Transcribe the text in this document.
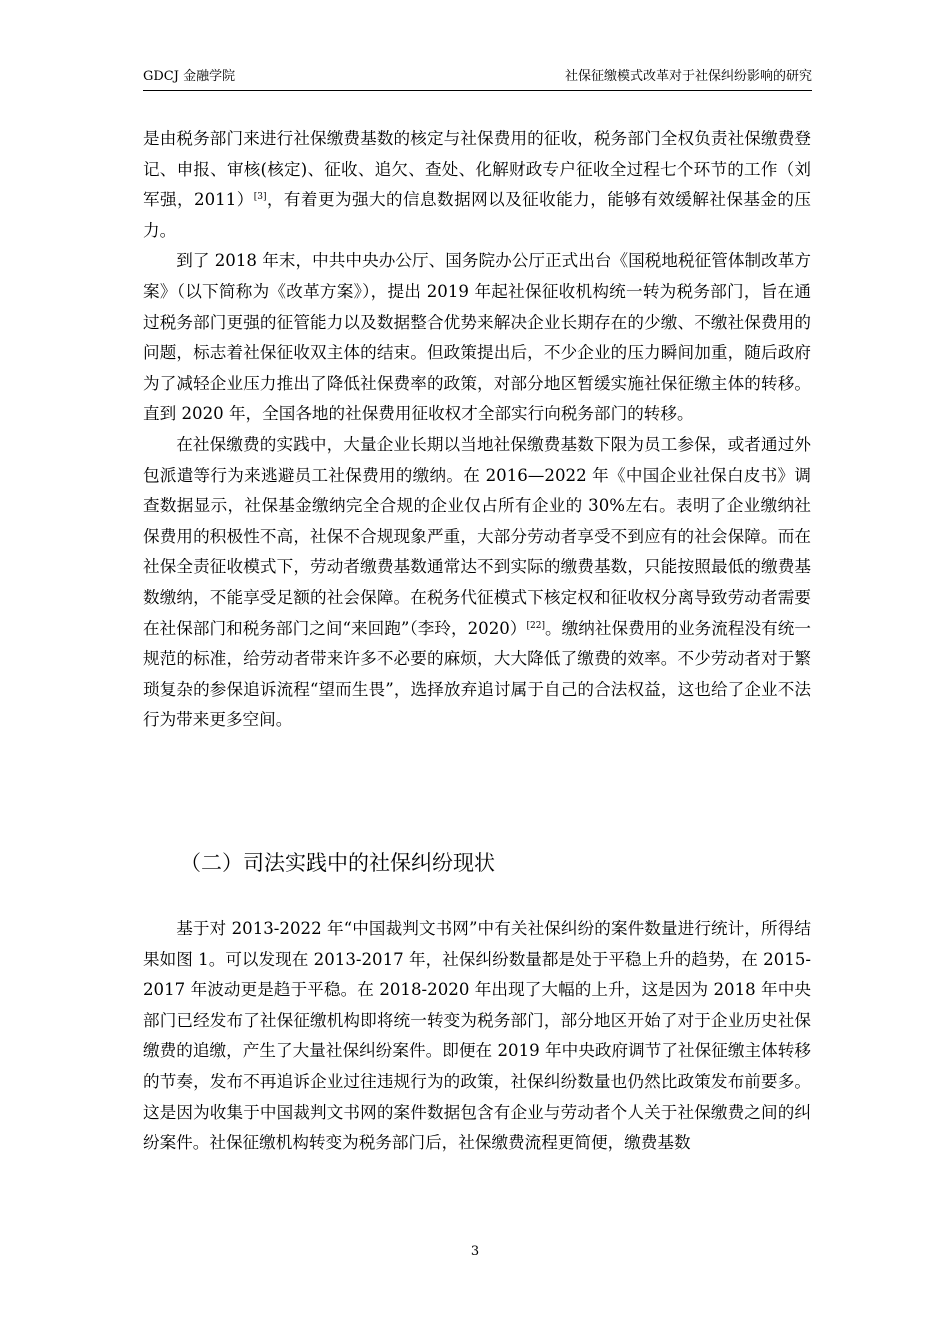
GDCJ 金融学院	社保征缴模式改革对于社保纠纷影响的研究

是由税务部门来进行社保缴费基数的核定与社保费用的征收，税务部门全权负责社保缴费登记、申报、审核(核定)、征收、追欠、查处、化解财政专户征收全过程七个环节的工作（刘军强，2011）[3]，有着更为强大的信息数据网以及征收能力，能够有效缓解社保基金的压力。

到了 2018 年末，中共中央办公厅、国务院办公厅正式出台《国税地税征管体制改革方案》（以下简称为《改革方案》），提出 2019 年起社保征收机构统一转为税务部门，旨在通过税务部门更强的征管能力以及数据整合优势来解决企业长期存在的少缴、不缴社保费用的问题，标志着社保征收双主体的结束。但政策提出后，不少企业的压力瞬间加重，随后政府为了减轻企业压力推出了降低社保费率的政策，对部分地区暂缓实施社保征缴主体的转移。直到 2020 年，全国各地的社保费用征收权才全部实行向税务部门的转移。

在社保缴费的实践中，大量企业长期以当地社保缴费基数下限为员工参保，或者通过外包派遣等行为来逃避员工社保费用的缴纳。在 2016—2022 年《中国企业社保白皮书》调查数据显示，社保基金缴纳完全合规的企业仅占所有企业的 30%左右。表明了企业缴纳社保费用的积极性不高，社保不合规现象严重，大部分劳动者享受不到应有的社会保障。而在社保全责征收模式下，劳动者缴费基数通常达不到实际的缴费基数，只能按照最低的缴费基数缴纳，不能享受足额的社会保障。在税务代征模式下核定权和征收权分离导致劳动者需要在社保部门和税务部门之间“来回跑”（李玲，2020）[22]。缴纳社保费用的业务流程没有统一规范的标准，给劳动者带来许多不必要的麻烦，大大降低了缴费的效率。不少劳动者对于繁琐复杂的参保追诉流程“望而生畏”，选择放弃追讨属于自己的合法权益，这也给了企业不法行为带来更多空间。

（二）司法实践中的社保纠纷现状

基于对 2013-2022 年“中国裁判文书网”中有关社保纠纷的案件数量进行统计，所得结果如图 1。可以发现在 2013-2017 年，社保纠纷数量都是处于平稳上升的趋势，在 2015-2017 年波动更是趋于平稳。在 2018-2020 年出现了大幅的上升，这是因为 2018 年中央部门已经发布了社保征缴机构即将统一转变为税务部门，部分地区开始了对于企业历史社保缴费的追缴，产生了大量社保纠纷案件。即便在 2019 年中央政府调节了社保征缴主体转移的节奏，发布不再追诉企业过往违规行为的政策，社保纠纷数量也仍然比政策发布前要多。这是因为收集于中国裁判文书网的案件数据包含有企业与劳动者个人关于社保缴费之间的纠纷案件。社保征缴机构转变为税务部门后，社保缴费流程更简便，缴费基数

3
